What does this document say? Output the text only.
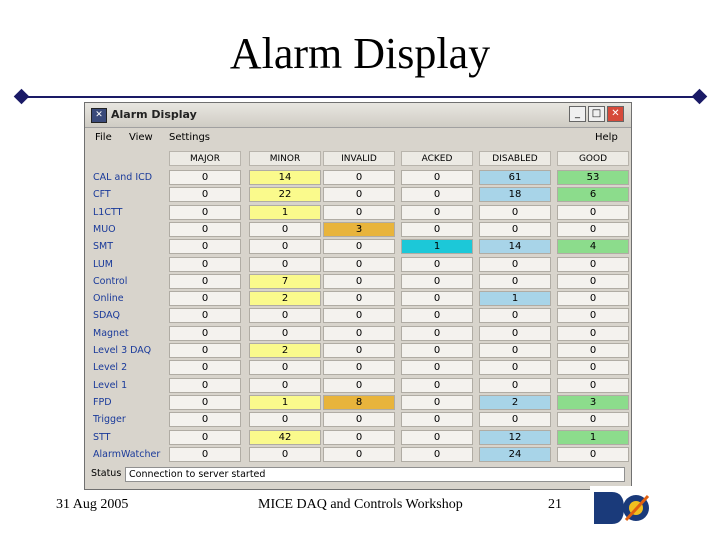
Alarm Display
✕ Alarm Display	_	□	✕
File View Settings	Help
MAJOR	MINOR	INVALID	ACKED	DISABLED	GOOD
CAL and ICD	0	14	0	0	61	53
CFT	0	22	0	0	18	6
L1CTT	0	1	0	0	0	0
MUO	0	0	3	0	0	0
SMT	0	0	0	1	14	4
LUM	0	0	0	0	0	0
Control	0	7	0	0	0	0
Online	0	2	0	0	1	0
SDAQ	0	0	0	0	0	0
Magnet	0	0	0	0	0	0
Level 3 DAQ	0	2	0	0	0	0
Level 2	0	0	0	0	0	0
Level 1	0	0	0	0	0	0
FPD	0	1	8	0	2	3
Trigger	0	0	0	0	0	0
STT	0	42	0	0	12	1
AlarmWatcher	0	0	0	0	24	0
Status Connection to server started
31 Aug 2005	MICE DAQ and Controls Workshop	21
